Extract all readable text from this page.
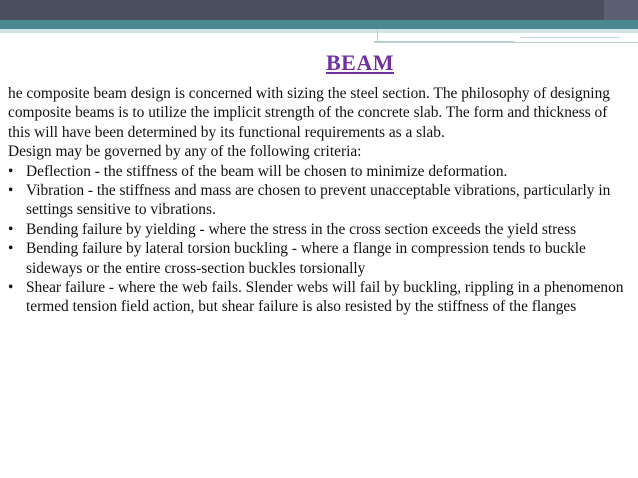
BEAM

he composite beam design is concerned with sizing the steel section. The philosophy of designing composite beams is to utilize the implicit strength of the concrete slab. The form and thickness of this will have been determined by its functional requirements as a slab.

Design may be governed by any of the following criteria:

• Deflection - the stiffness of the beam will be chosen to minimize deformation.
• Vibration - the stiffness and mass are chosen to prevent unacceptable vibrations, particularly in settings sensitive to vibrations.
• Bending failure by yielding - where the stress in the cross section exceeds the yield stress
• Bending failure by lateral torsion buckling - where a flange in compression tends to buckle sideways or the entire cross-section buckles torsionally
• Shear failure - where the web fails. Slender webs will fail by buckling, rippling in a phenomenon termed tension field action, but shear failure is also resisted by the stiffness of the flanges
